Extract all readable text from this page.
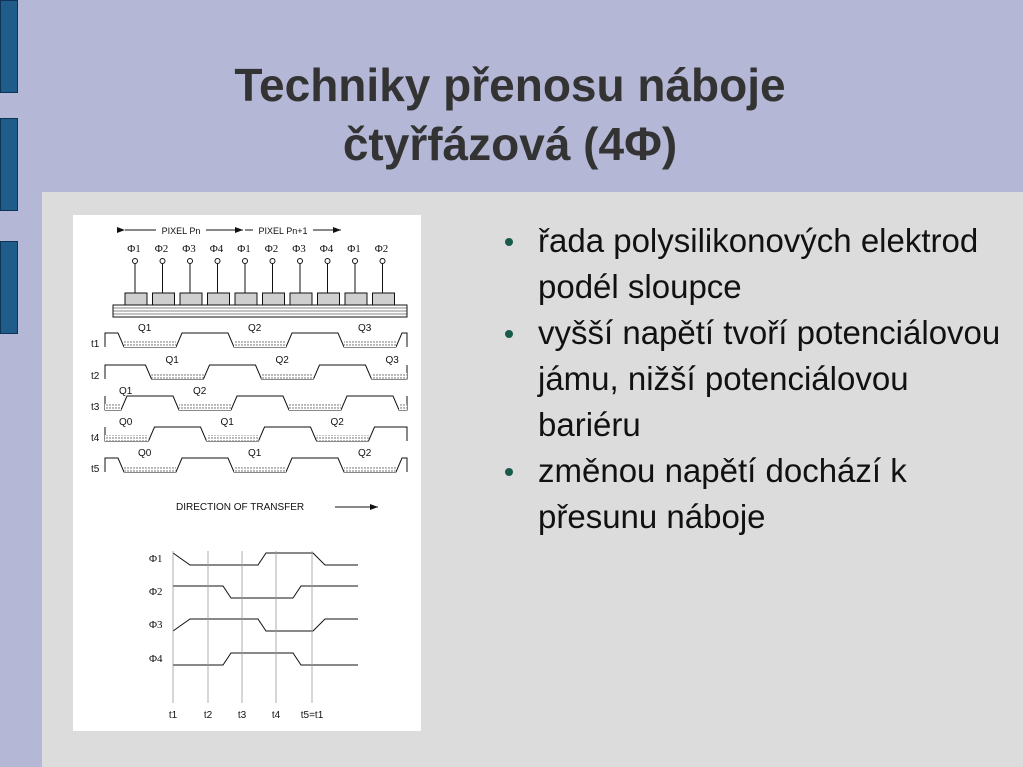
Techniky přenosu náboje
čtyřfázová (4Φ)
PIXEL Pn	PIXEL Pn+1
Φ1 Φ2 Φ3 Φ4 Φ1 Φ2 Φ3 Φ4 Φ1 Φ2
t1
Q1	Q2	Q3
t2
Q1	Q2	Q3
t3
Q1	Q2
t4
Q0	Q1	Q2
t5
Q0	Q1	Q2
DIRECTION OF TRANSFER
Φ1
Φ2
Φ3
Φ4
t1	t2	t3	t4 t5=t1
řada polysilikonových elektrod podél sloupce
vyšší napětí tvoří potenciálovou jámu, nižší potenciálovou bariéru
změnou napětí dochází k přesunu náboje
